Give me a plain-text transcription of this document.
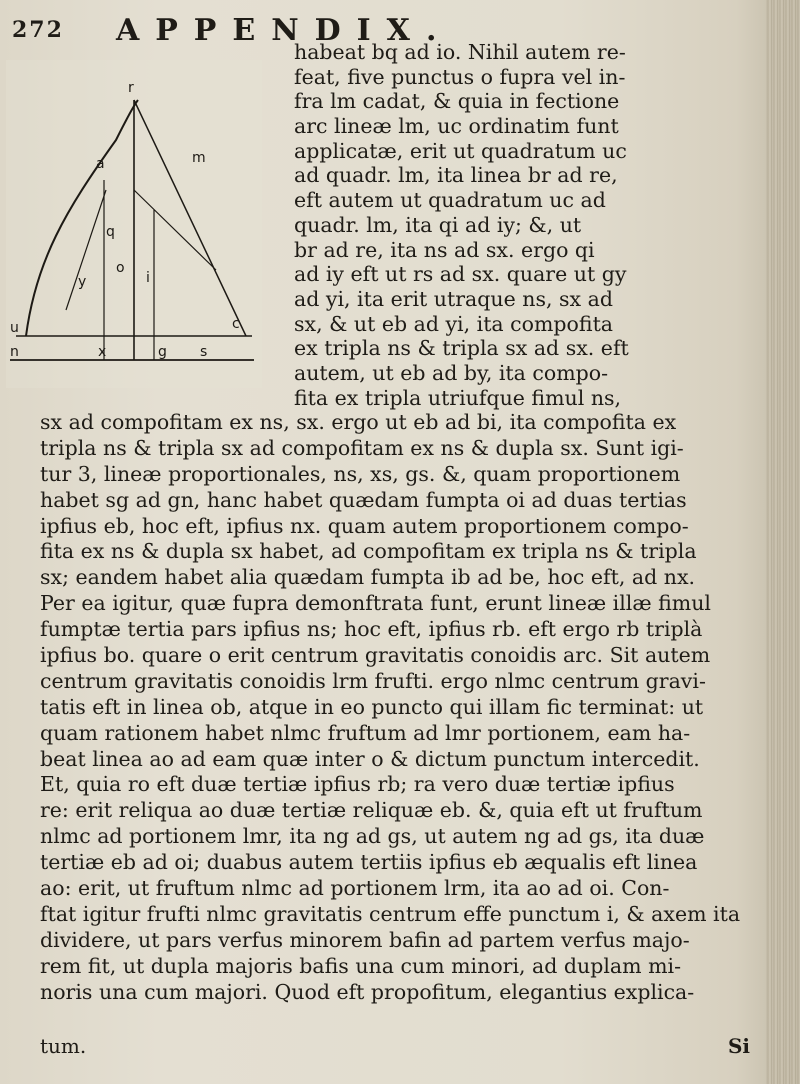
272 APPENDIX.
r
a	m
q
o
y	i
u	c
n	x	g s
habeat bq ad io. Nihil autem re-
feat, five punctus o fupra vel in-
fra lm cadat, & quia in fectione
arc lineæ lm, uc ordinatim funt
applicatæ, erit ut quadratum uc
ad quadr. lm, ita linea br ad re,
eft autem ut quadratum uc ad
quadr. lm, ita qi ad iy; &, ut
br ad re, ita ns ad sx. ergo qi
ad iy eft ut rs ad sx. quare ut gy
ad yi, ita erit utraque ns, sx ad
sx, & ut eb ad yi, ita compofita
ex tripla ns & tripla sx ad sx. eft
autem, ut eb ad by, ita compo-
fita ex tripla utriufque fimul ns,
sx ad compofitam ex ns, sx. ergo ut eb ad bi, ita compofita ex
tripla ns & tripla sx ad compofitam ex ns & dupla sx. Sunt igi-
tur 3, lineæ proportionales, ns, xs, gs. &, quam proportionem
habet sg ad gn, hanc habet quædam fumpta oi ad duas tertias
ipfius eb, hoc eft, ipfius nx. quam autem proportionem compo-
fita ex ns & dupla sx habet, ad compofitam ex tripla ns & tripla
sx; eandem habet alia quædam fumpta ib ad be, hoc eft, ad nx.
Per ea igitur, quæ fupra demonftrata funt, erunt lineæ illæ fimul
fumptæ tertia pars ipfius ns; hoc eft, ipfius rb. eft ergo rb triplà
ipfius bo. quare o erit centrum gravitatis conoidis arc. Sit autem
centrum gravitatis conoidis lrm frufti. ergo nlmc centrum gravi-
tatis eft in linea ob, atque in eo puncto qui illam fic terminat: ut
quam rationem habet nlmc fruftum ad lmr portionem, eam ha-
beat linea ao ad eam quæ inter o & dictum punctum intercedit.
Et, quia ro eft duæ tertiæ ipfius rb; ra vero duæ tertiæ ipfius
re: erit reliqua ao duæ tertiæ reliquæ eb. &, quia eft ut fruftum
nlmc ad portionem lmr, ita ng ad gs, ut autem ng ad gs, ita duæ
tertiæ eb ad oi; duabus autem tertiis ipfius eb æqualis eft linea
ao: erit, ut fruftum nlmc ad portionem lrm, ita ao ad oi. Con-
ftat igitur frufti nlmc gravitatis centrum effe punctum i, & axem ita
dividere, ut pars verfus minorem bafin ad partem verfus majo-
rem fit, ut dupla majoris bafis una cum minori, ad duplam mi-
noris una cum majori. Quod eft propofitum, elegantius explica-
tum.	Si
